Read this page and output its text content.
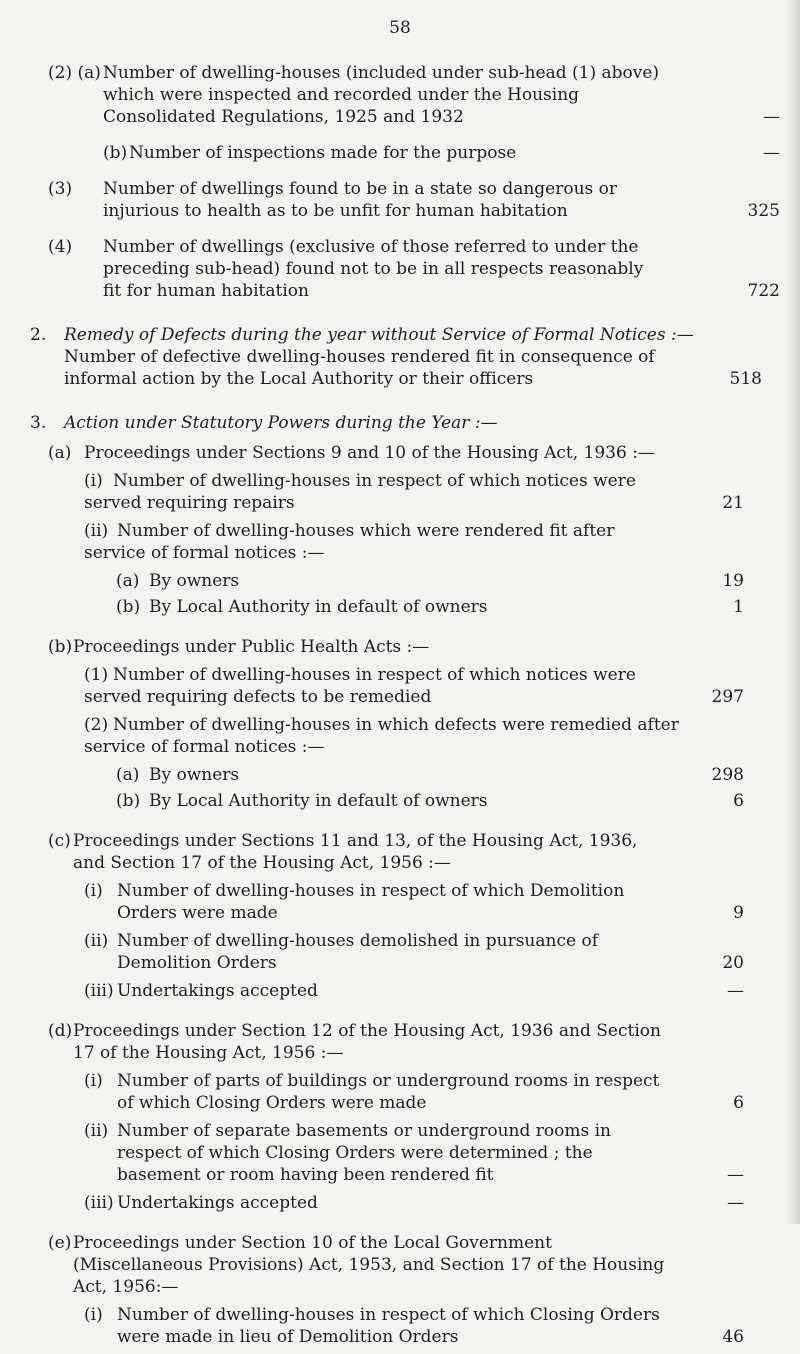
58
(2) (a) Number of dwelling-houses (included under sub-head (1) above) which were inspected and recorded under the Housing Consolidated Regulations, 1925 and 1932	—
(b) Number of inspections made for the purpose	—
(3)	Number of dwellings found to be in a state so dangerous or injurious to health as to be unfit for human habitation	325
(4)	Number of dwellings (exclusive of those referred to under the preceding sub-head) found not to be in all respects reasonably fit for human habitation	722
2.	Remedy of Defects during the year without Service of Formal Notices :—
Number of defective dwelling-houses rendered fit in consequence of informal action by the Local Authority or their officers	518
3.	Action under Statutory Powers during the Year :—
(a) Proceedings under Sections 9 and 10 of the Housing Act, 1936 :—
(i) Number of dwelling-houses in respect of which notices were served requiring repairs	21
(ii) Number of dwelling-houses which were rendered fit after service of formal notices :—
(a) By owners	19
(b) By Local Authority in default of owners	1
(b) Proceedings under Public Health Acts :—
(1) Number of dwelling-houses in respect of which notices were served requiring defects to be remedied	297
(2) Number of dwelling-houses in which defects were remedied after service of formal notices :—
(a) By owners	298
(b) By Local Authority in default of owners	6
(c) Proceedings under Sections 11 and 13, of the Housing Act, 1936, and Section 17 of the Housing Act, 1956 :—
(i) Number of dwelling-houses in respect of which Demolition Orders were made	9
(ii) Number of dwelling-houses demolished in pursuance of Demolition Orders	20
(iii) Undertakings accepted	—
(d) Proceedings under Section 12 of the Housing Act, 1936 and Section 17 of the Housing Act, 1956 :—
(i) Number of parts of buildings or underground rooms in respect of which Closing Orders were made	6
(ii) Number of separate basements or underground rooms in respect of which Closing Orders were determined ; the basement or room having been rendered fit	—
(iii) Undertakings accepted	—
(e) Proceedings under Section 10 of the Local Government (Miscellaneous Provisions) Act, 1953, and Section 17 of the Housing Act, 1956:—
(i) Number of dwelling-houses in respect of which Closing Orders were made in lieu of Demolition Orders	46
